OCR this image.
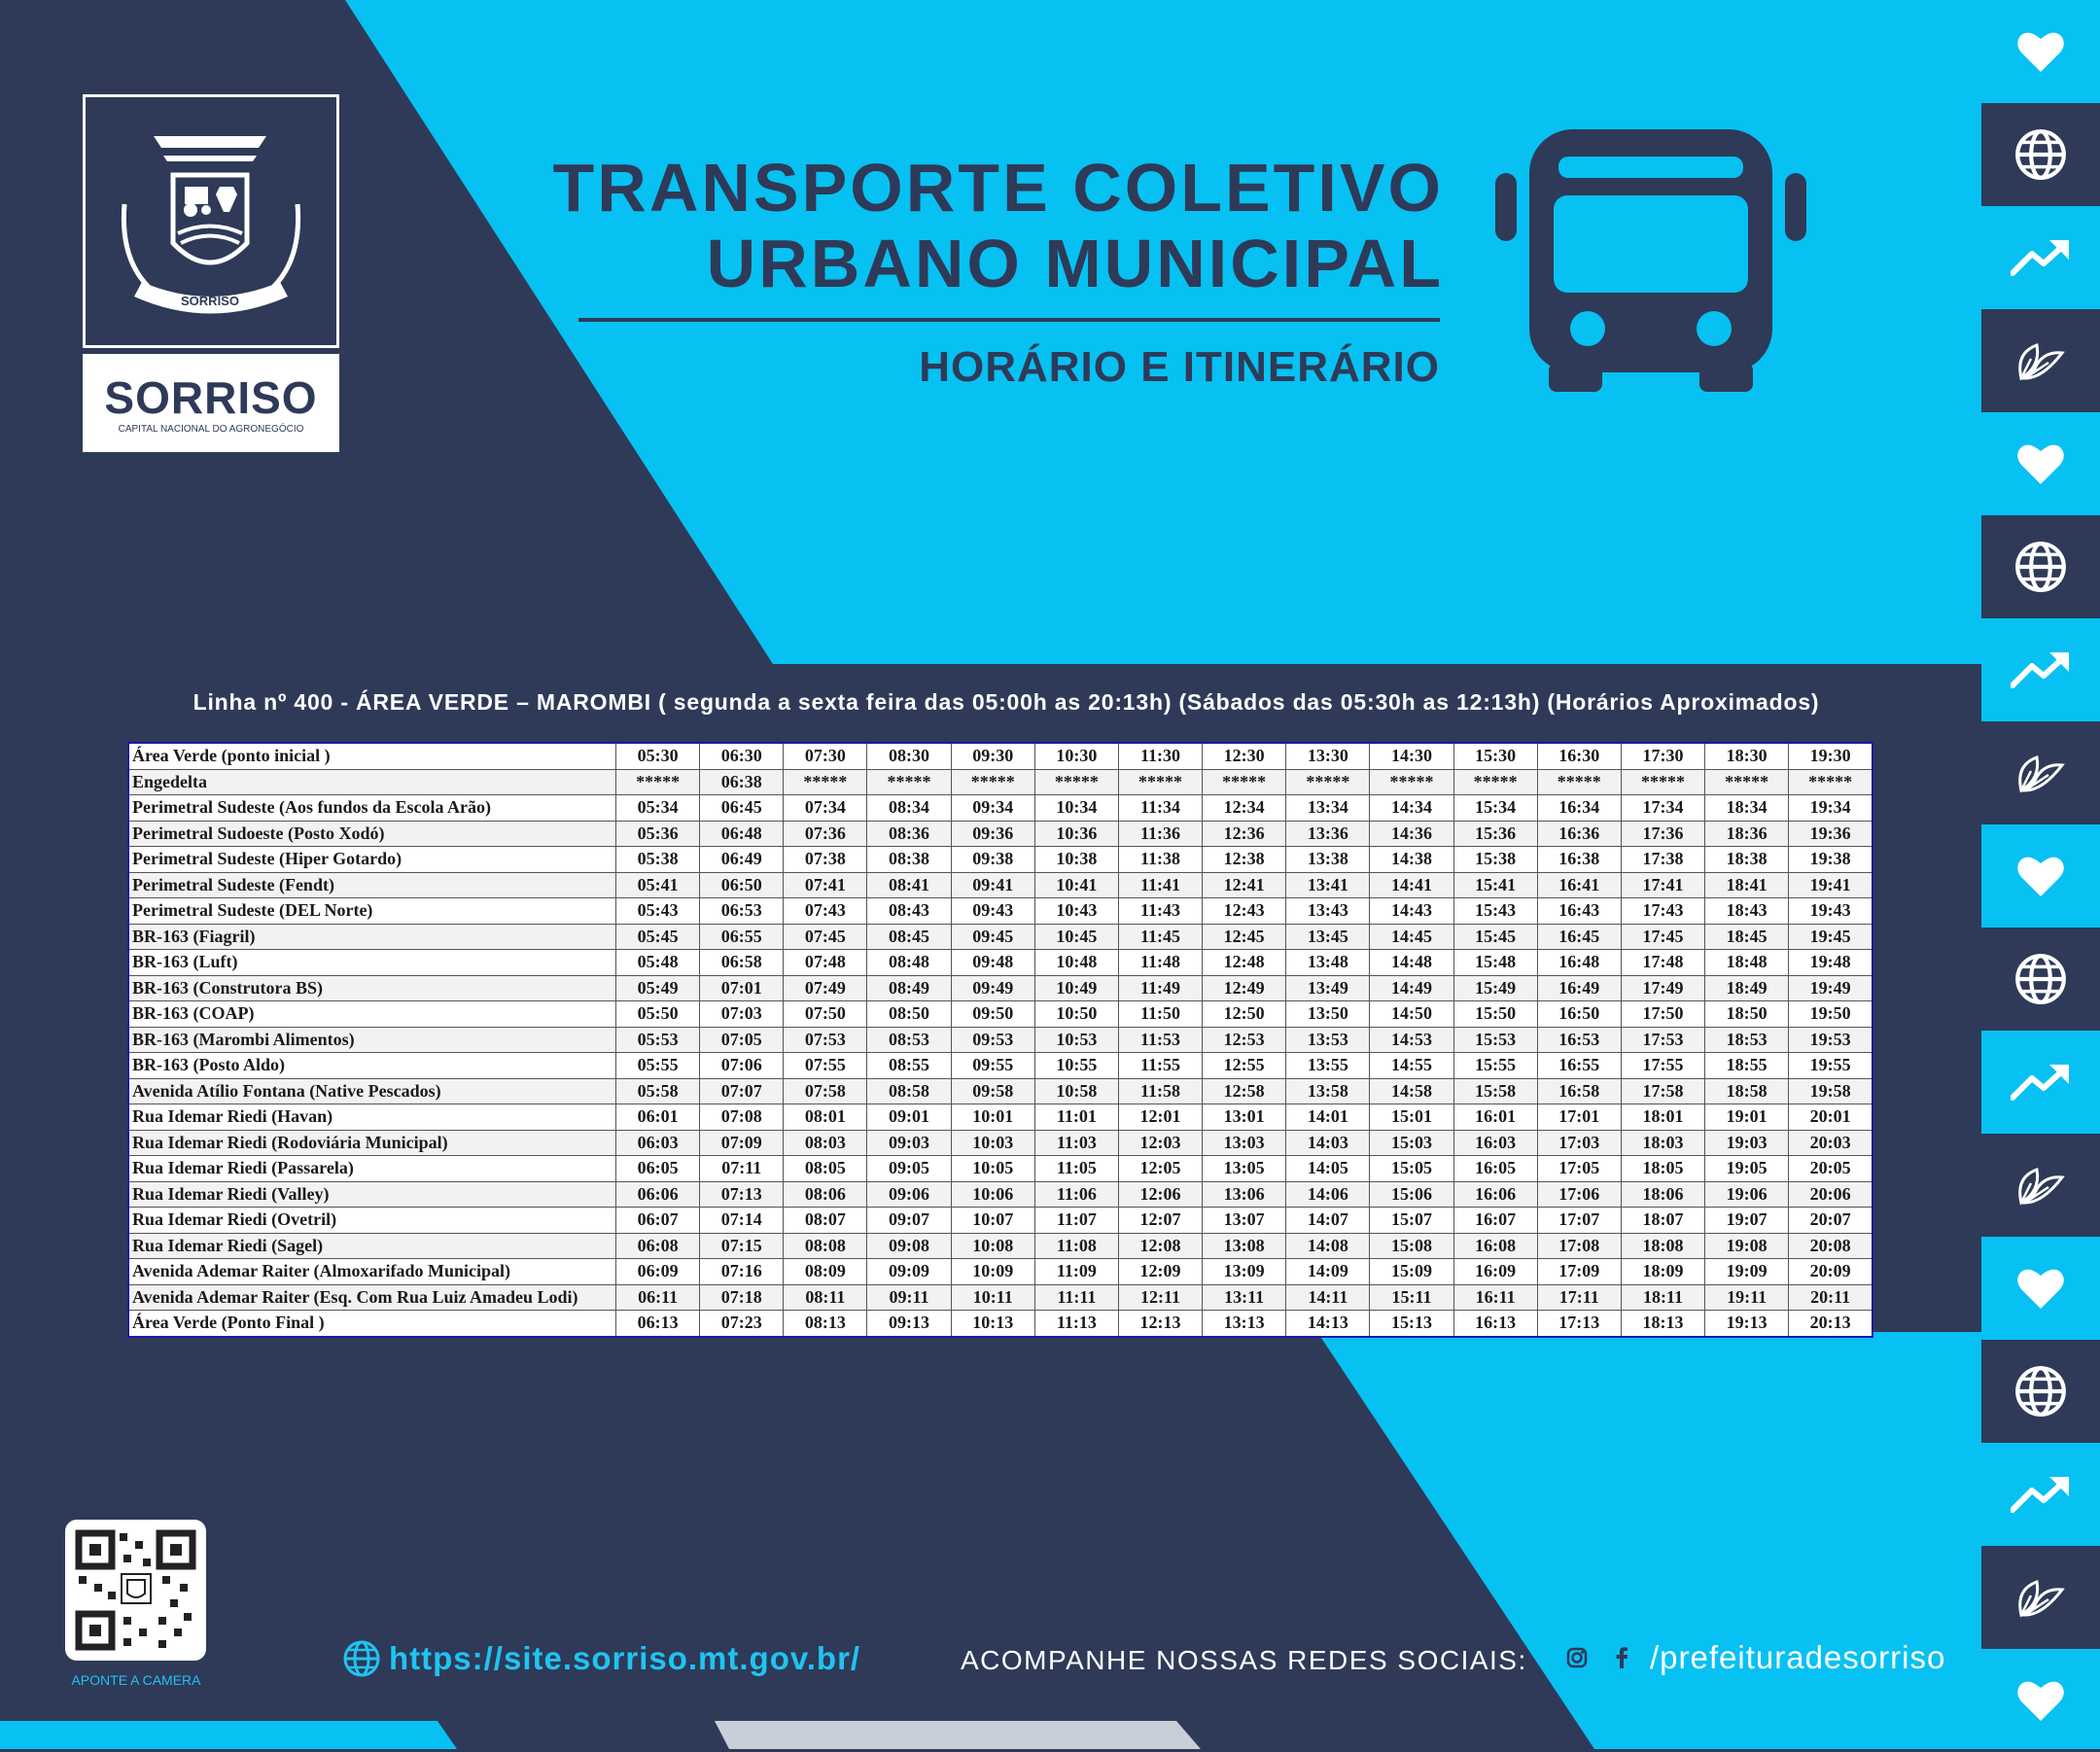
SORRISO
1979	1986
SORRISO
CAPITAL NACIONAL DO AGRONEGÓCIO
TRANSPORTE COLETIVO
URBANO MUNICIPAL
HORÁRIO E ITINERÁRIO
Linha nº 400 - ÁREA VERDE – MAROMBI ( segunda a sexta feira das 05:00h as 20:13h) (Sábados das 05:30h as 12:13h) (Horários Aproximados)
Área Verde (ponto inicial )	05:30	06:30	07:30	08:30	09:30	10:30	11:30	12:30	13:30	14:30	15:30	16:30	17:30	18:30	19:30
Engedelta	*****	06:38	*****	*****	*****	*****	*****	*****	*****	*****	*****	*****	*****	*****	*****
Perimetral Sudeste (Aos fundos da Escola Arão)	05:34	06:45	07:34	08:34	09:34	10:34	11:34	12:34	13:34	14:34	15:34	16:34	17:34	18:34	19:34
Perimetral Sudoeste (Posto Xodó)	05:36	06:48	07:36	08:36	09:36	10:36	11:36	12:36	13:36	14:36	15:36	16:36	17:36	18:36	19:36
Perimetral Sudeste (Hiper Gotardo)	05:38	06:49	07:38	08:38	09:38	10:38	11:38	12:38	13:38	14:38	15:38	16:38	17:38	18:38	19:38
Perimetral Sudeste (Fendt)	05:41	06:50	07:41	08:41	09:41	10:41	11:41	12:41	13:41	14:41	15:41	16:41	17:41	18:41	19:41
Perimetral Sudeste (DEL Norte)	05:43	06:53	07:43	08:43	09:43	10:43	11:43	12:43	13:43	14:43	15:43	16:43	17:43	18:43	19:43
BR-163 (Fiagril)	05:45	06:55	07:45	08:45	09:45	10:45	11:45	12:45	13:45	14:45	15:45	16:45	17:45	18:45	19:45
BR-163 (Luft)	05:48	06:58	07:48	08:48	09:48	10:48	11:48	12:48	13:48	14:48	15:48	16:48	17:48	18:48	19:48
BR-163 (Construtora BS)	05:49	07:01	07:49	08:49	09:49	10:49	11:49	12:49	13:49	14:49	15:49	16:49	17:49	18:49	19:49
BR-163 (COAP)	05:50	07:03	07:50	08:50	09:50	10:50	11:50	12:50	13:50	14:50	15:50	16:50	17:50	18:50	19:50
BR-163 (Marombi Alimentos)	05:53	07:05	07:53	08:53	09:53	10:53	11:53	12:53	13:53	14:53	15:53	16:53	17:53	18:53	19:53
BR-163 (Posto Aldo)	05:55	07:06	07:55	08:55	09:55	10:55	11:55	12:55	13:55	14:55	15:55	16:55	17:55	18:55	19:55
Avenida Atílio Fontana (Native Pescados)	05:58	07:07	07:58	08:58	09:58	10:58	11:58	12:58	13:58	14:58	15:58	16:58	17:58	18:58	19:58
Rua Idemar Riedi (Havan)	06:01	07:08	08:01	09:01	10:01	11:01	12:01	13:01	14:01	15:01	16:01	17:01	18:01	19:01	20:01
Rua Idemar Riedi (Rodoviária Municipal)	06:03	07:09	08:03	09:03	10:03	11:03	12:03	13:03	14:03	15:03	16:03	17:03	18:03	19:03	20:03
Rua Idemar Riedi (Passarela)	06:05	07:11	08:05	09:05	10:05	11:05	12:05	13:05	14:05	15:05	16:05	17:05	18:05	19:05	20:05
Rua Idemar Riedi (Valley)	06:06	07:13	08:06	09:06	10:06	11:06	12:06	13:06	14:06	15:06	16:06	17:06	18:06	19:06	20:06
Rua Idemar Riedi (Ovetril)	06:07	07:14	08:07	09:07	10:07	11:07	12:07	13:07	14:07	15:07	16:07	17:07	18:07	19:07	20:07
Rua Idemar Riedi (Sagel)	06:08	07:15	08:08	09:08	10:08	11:08	12:08	13:08	14:08	15:08	16:08	17:08	18:08	19:08	20:08
Avenida Ademar Raiter (Almoxarifado Municipal)	06:09	07:16	08:09	09:09	10:09	11:09	12:09	13:09	14:09	15:09	16:09	17:09	18:09	19:09	20:09
Avenida Ademar Raiter (Esq. Com Rua Luiz Amadeu Lodi)	06:11	07:18	08:11	09:11	10:11	11:11	12:11	13:11	14:11	15:11	16:11	17:11	18:11	19:11	20:11
Área Verde (Ponto Final )	06:13	07:23	08:13	09:13	10:13	11:13	12:13	13:13	14:13	15:13	16:13	17:13	18:13	19:13	20:13
APONTE A CAMERA
https://site.sorriso.mt.gov.br/	ACOMPANHE NOSSAS REDES SOCIAIS:	/prefeituradesorriso
